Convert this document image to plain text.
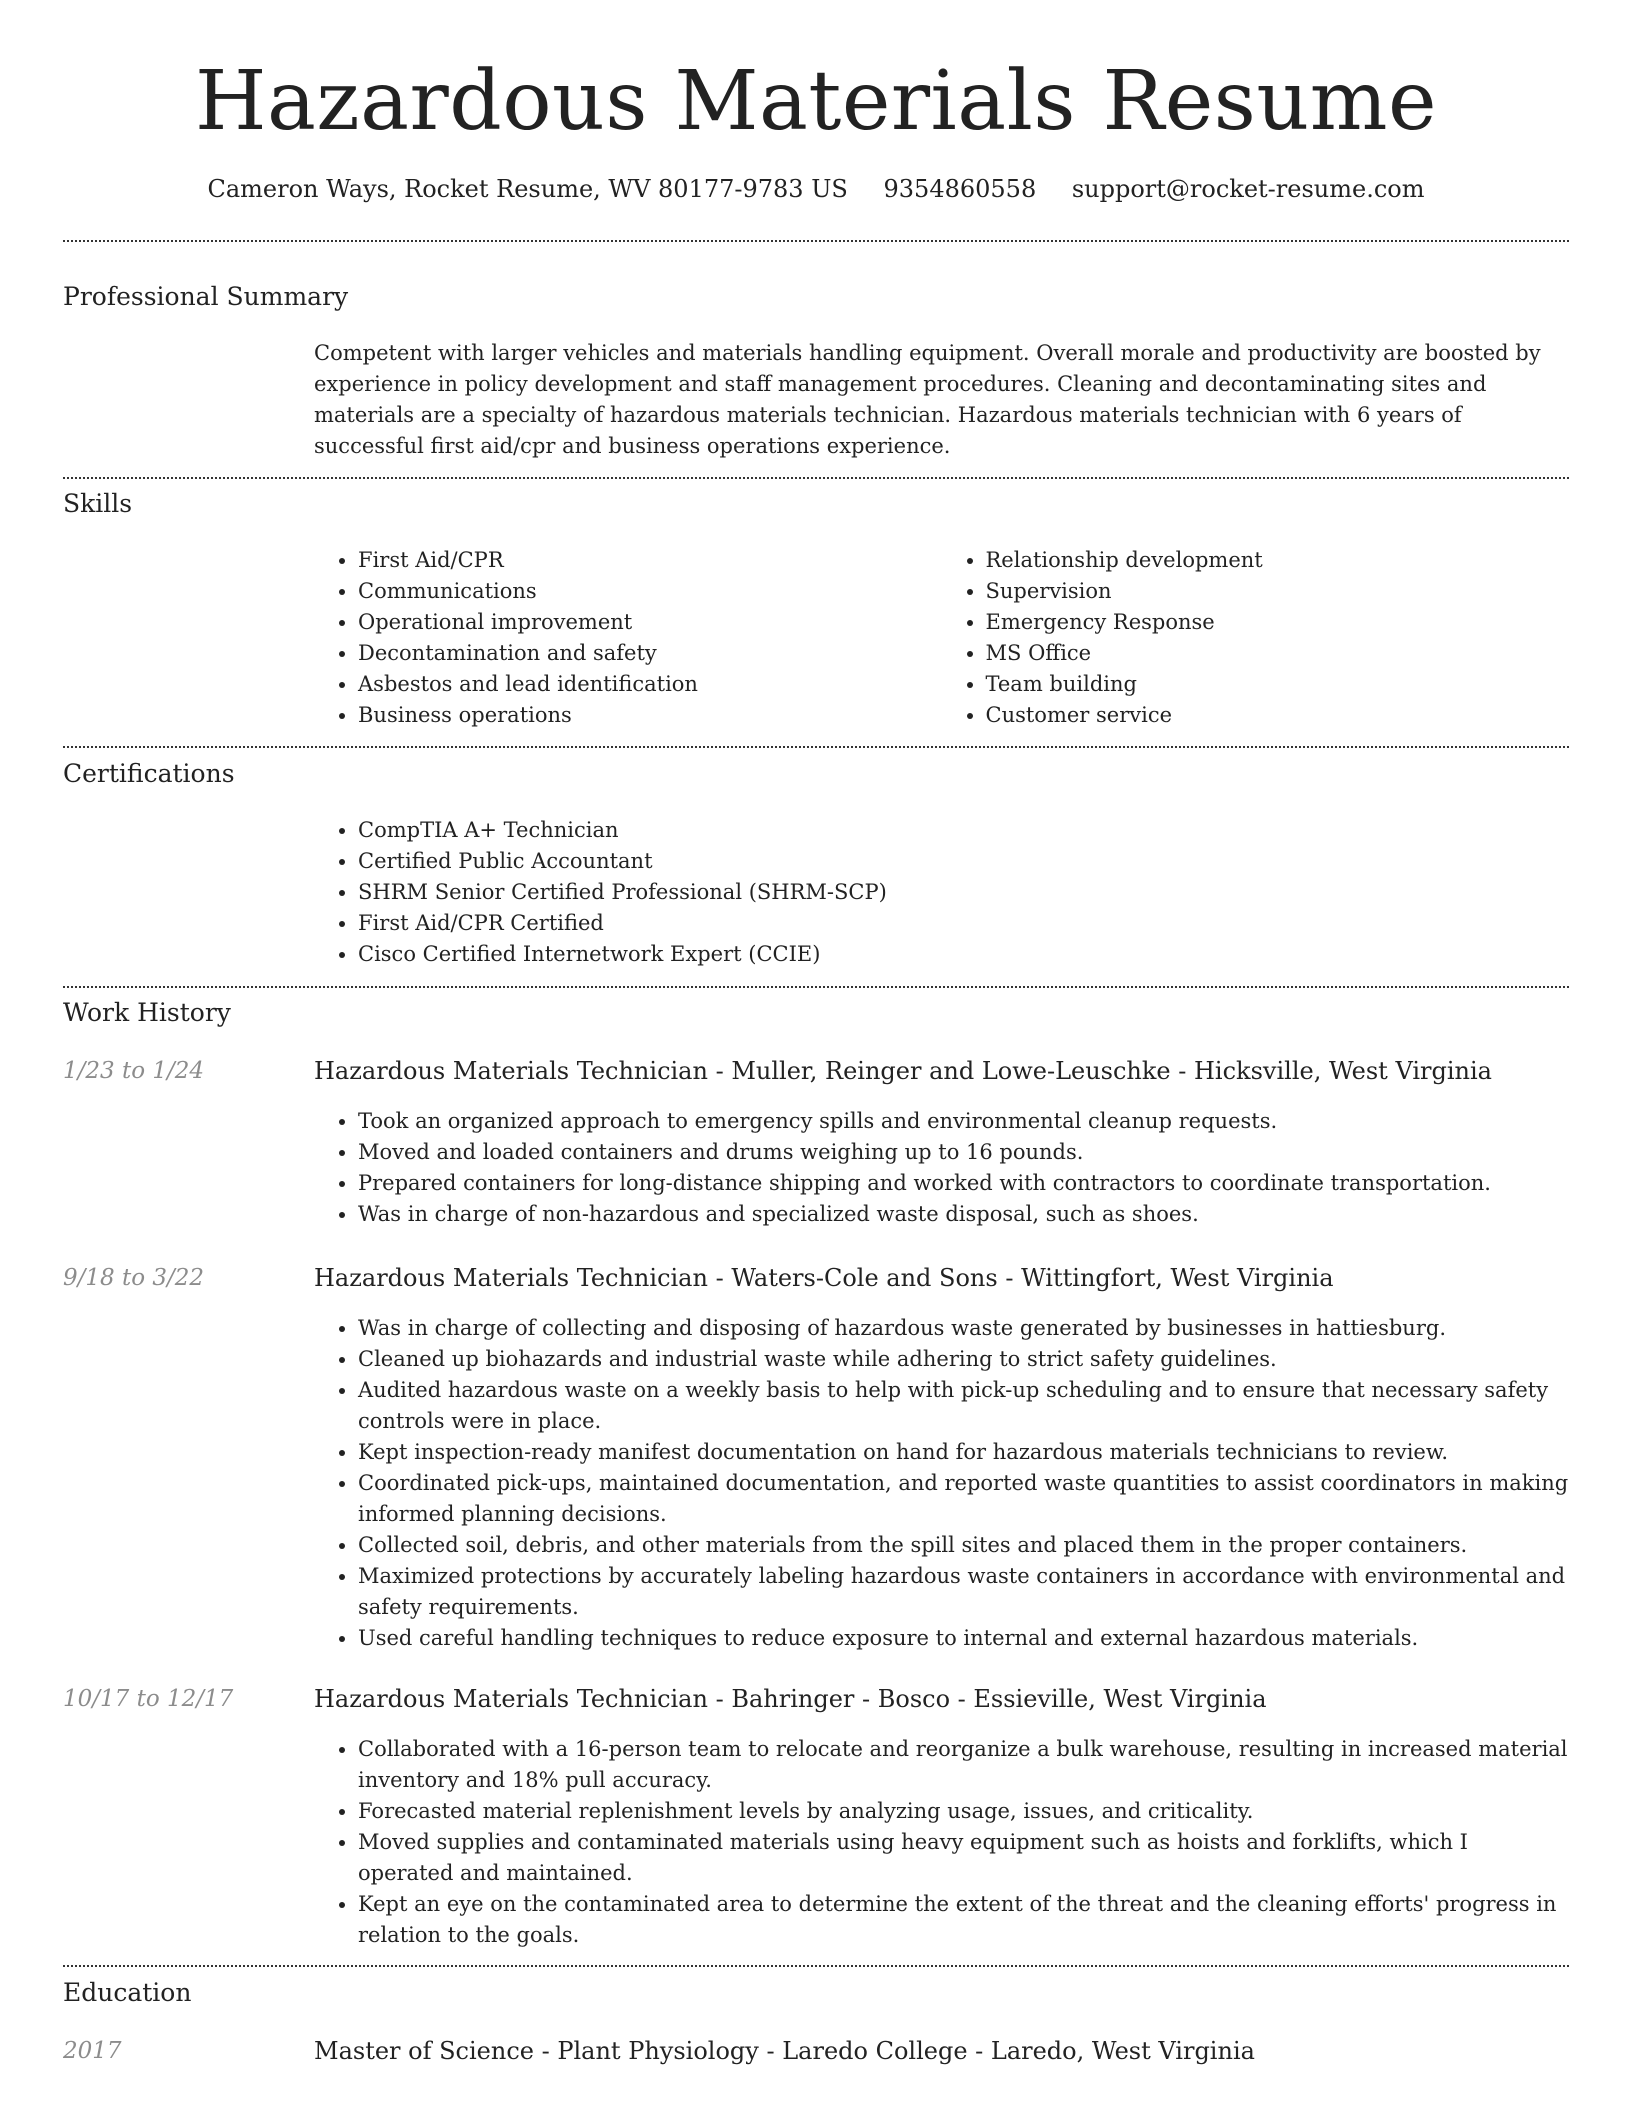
Hazardous Materials Resume
Cameron Ways, Rocket Resume, WV 80177-9783 US 9354860558 support@rocket-resume.com
Professional Summary

Competent with larger vehicles and materials handling equipment. Overall morale and productivity are boosted by experience in policy development and staff management procedures. Cleaning and decontaminating sites and materials are a specialty of hazardous materials technician. Hazardous materials technician with 6 years of successful first aid/cpr and business operations experience.

Skills
• First Aid/CPR
• Communications
• Operational improvement
• Decontamination and safety
• Asbestos and lead identification
• Business operations
• Relationship development
• Supervision
• Emergency Response
• MS Office
• Team building
• Customer service
Certifications
• CompTIA A+ Technician
• Certified Public Accountant
• SHRM Senior Certified Professional (SHRM-SCP)
• First Aid/CPR Certified
• Cisco Certified Internetwork Expert (CCIE)
Work History
1/23 to 1/24	Hazardous Materials Technician - Muller, Reinger and Lowe-Leuschke - Hicksville, West Virginia
• Took an organized approach to emergency spills and environmental cleanup requests.
• Moved and loaded containers and drums weighing up to 16 pounds.
• Prepared containers for long-distance shipping and worked with contractors to coordinate transportation.
• Was in charge of non-hazardous and specialized waste disposal, such as shoes.
9/18 to 3/22	Hazardous Materials Technician - Waters-Cole and Sons - Wittingfort, West Virginia
• Was in charge of collecting and disposing of hazardous waste generated by businesses in hattiesburg.
• Cleaned up biohazards and industrial waste while adhering to strict safety guidelines.
• Audited hazardous waste on a weekly basis to help with pick-up scheduling and to ensure that necessary safety controls were in place.
• Kept inspection-ready manifest documentation on hand for hazardous materials technicians to review.
• Coordinated pick-ups, maintained documentation, and reported waste quantities to assist coordinators in making informed planning decisions.
• Collected soil, debris, and other materials from the spill sites and placed them in the proper containers.
• Maximized protections by accurately labeling hazardous waste containers in accordance with environmental and safety requirements.
• Used careful handling techniques to reduce exposure to internal and external hazardous materials.
10/17 to 12/17	Hazardous Materials Technician - Bahringer - Bosco - Essieville, West Virginia
• Collaborated with a 16-person team to relocate and reorganize a bulk warehouse, resulting in increased material inventory and 18% pull accuracy.
• Forecasted material replenishment levels by analyzing usage, issues, and criticality.
• Moved supplies and contaminated materials using heavy equipment such as hoists and forklifts, which I operated and maintained.
• Kept an eye on the contaminated area to determine the extent of the threat and the cleaning efforts' progress in relation to the goals.
Education
2017	Master of Science - Plant Physiology - Laredo College - Laredo, West Virginia
